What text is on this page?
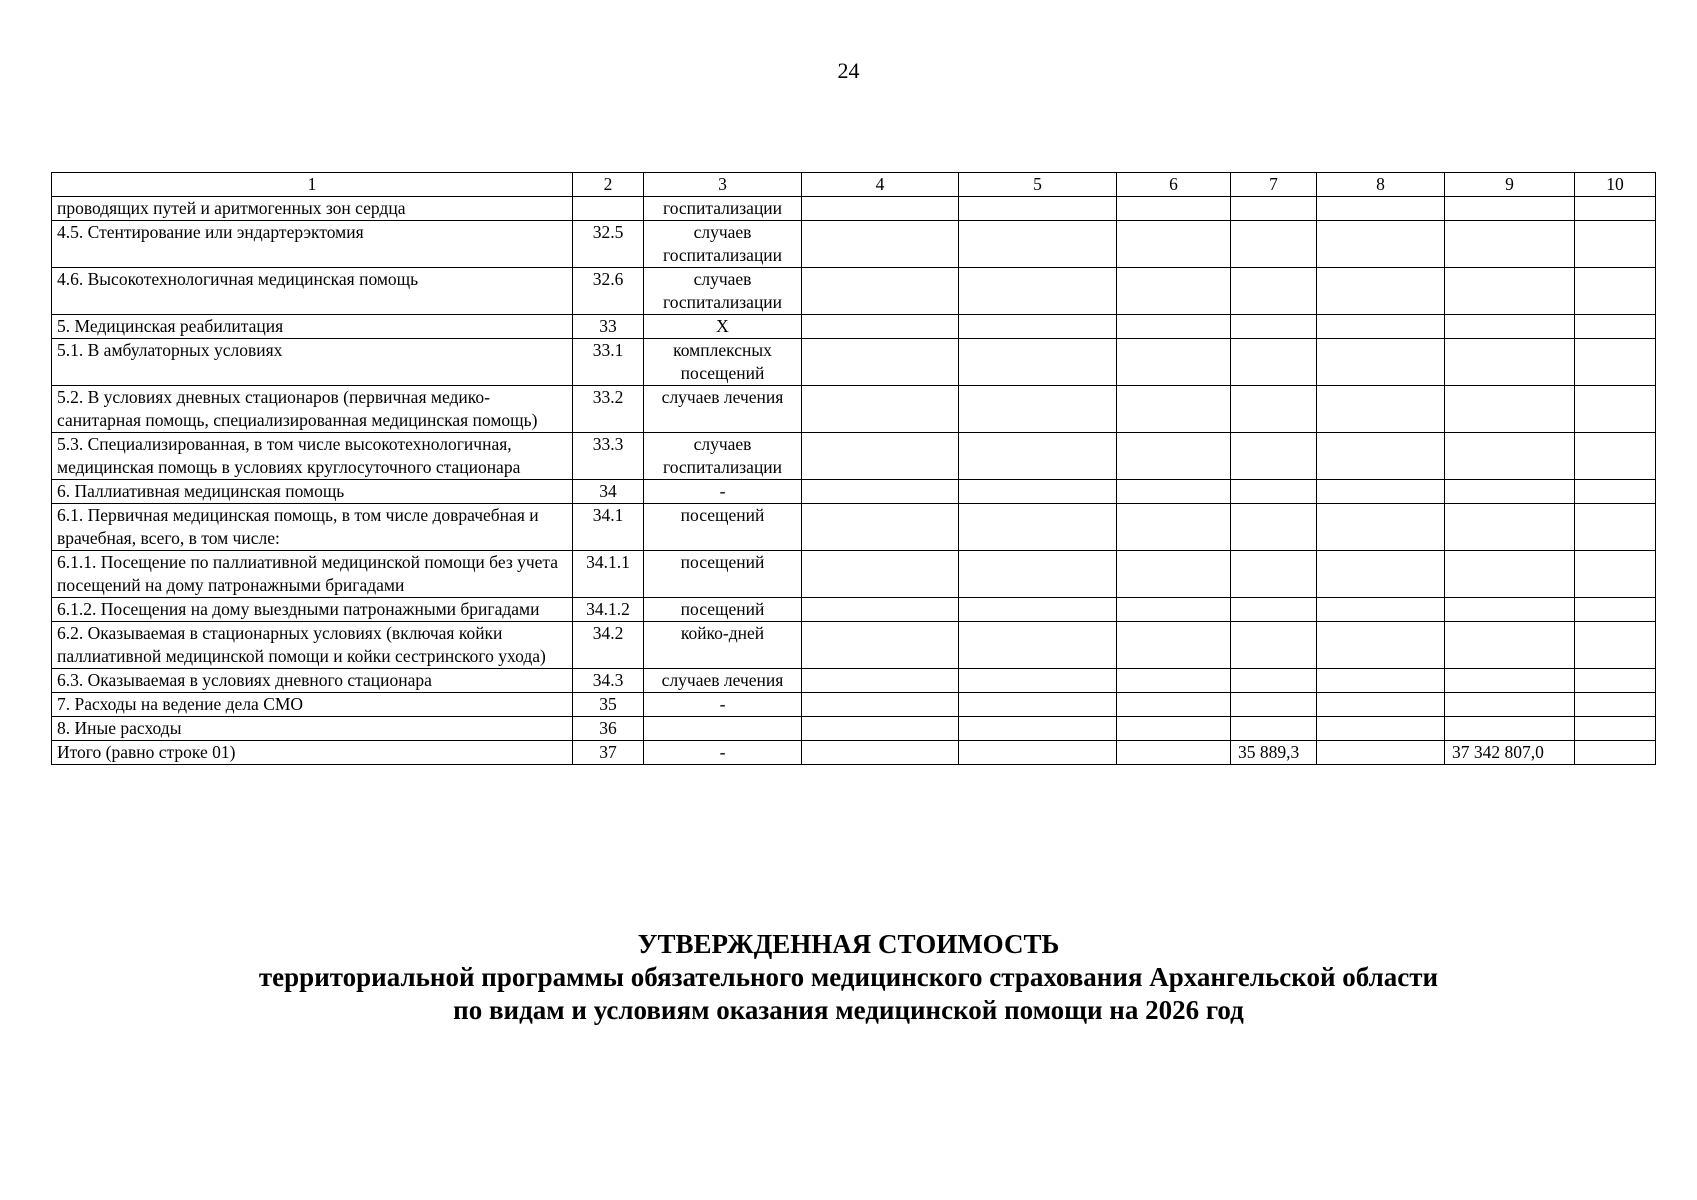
24
1	2	3	4	5	6	7	8	9	10
проводящих путей и аритмогенных зон сердца		госпитализации							
4.5. Стентирование или эндартерэктомия	32.5	случаев госпитализации							
4.6. Высокотехнологичная медицинская помощь	32.6	случаев госпитализации							
5. Медицинская реабилитация	33	Х							
5.1. В амбулаторных условиях	33.1	комплексных посещений							
5.2. В условиях дневных стационаров (первичная медико-санитарная помощь, специализированная медицинская помощь)	33.2	случаев лечения							
5.3. Специализированная, в том числе высокотехнологичная, медицинская помощь в условиях круглосуточного стационара	33.3	случаев госпитализации							
6. Паллиативная медицинская помощь	34	-							
6.1. Первичная медицинская помощь, в том числе доврачебная и врачебная, всего, в том числе:	34.1	посещений							
6.1.1. Посещение по паллиативной медицинской помощи без учета посещений на дому патронажными бригадами	34.1.1	посещений							
6.1.2. Посещения на дому выездными патронажными бригадами	34.1.2	посещений							
6.2. Оказываемая в стационарных условиях (включая койки паллиативной медицинской помощи и койки сестринского ухода)	34.2	койко-дней							
6.3. Оказываемая в условиях дневного стационара	34.3	случаев лечения							
7. Расходы на ведение дела СМО	35	-							
8. Иные расходы	36								
Итого (равно строке 01)	37	-				35 889,3		37 342 807,0	
УТВЕРЖДЕННАЯ СТОИМОСТЬ
территориальной программы обязательного медицинского страхования Архангельской области
по видам и условиям оказания медицинской помощи на 2026 год
